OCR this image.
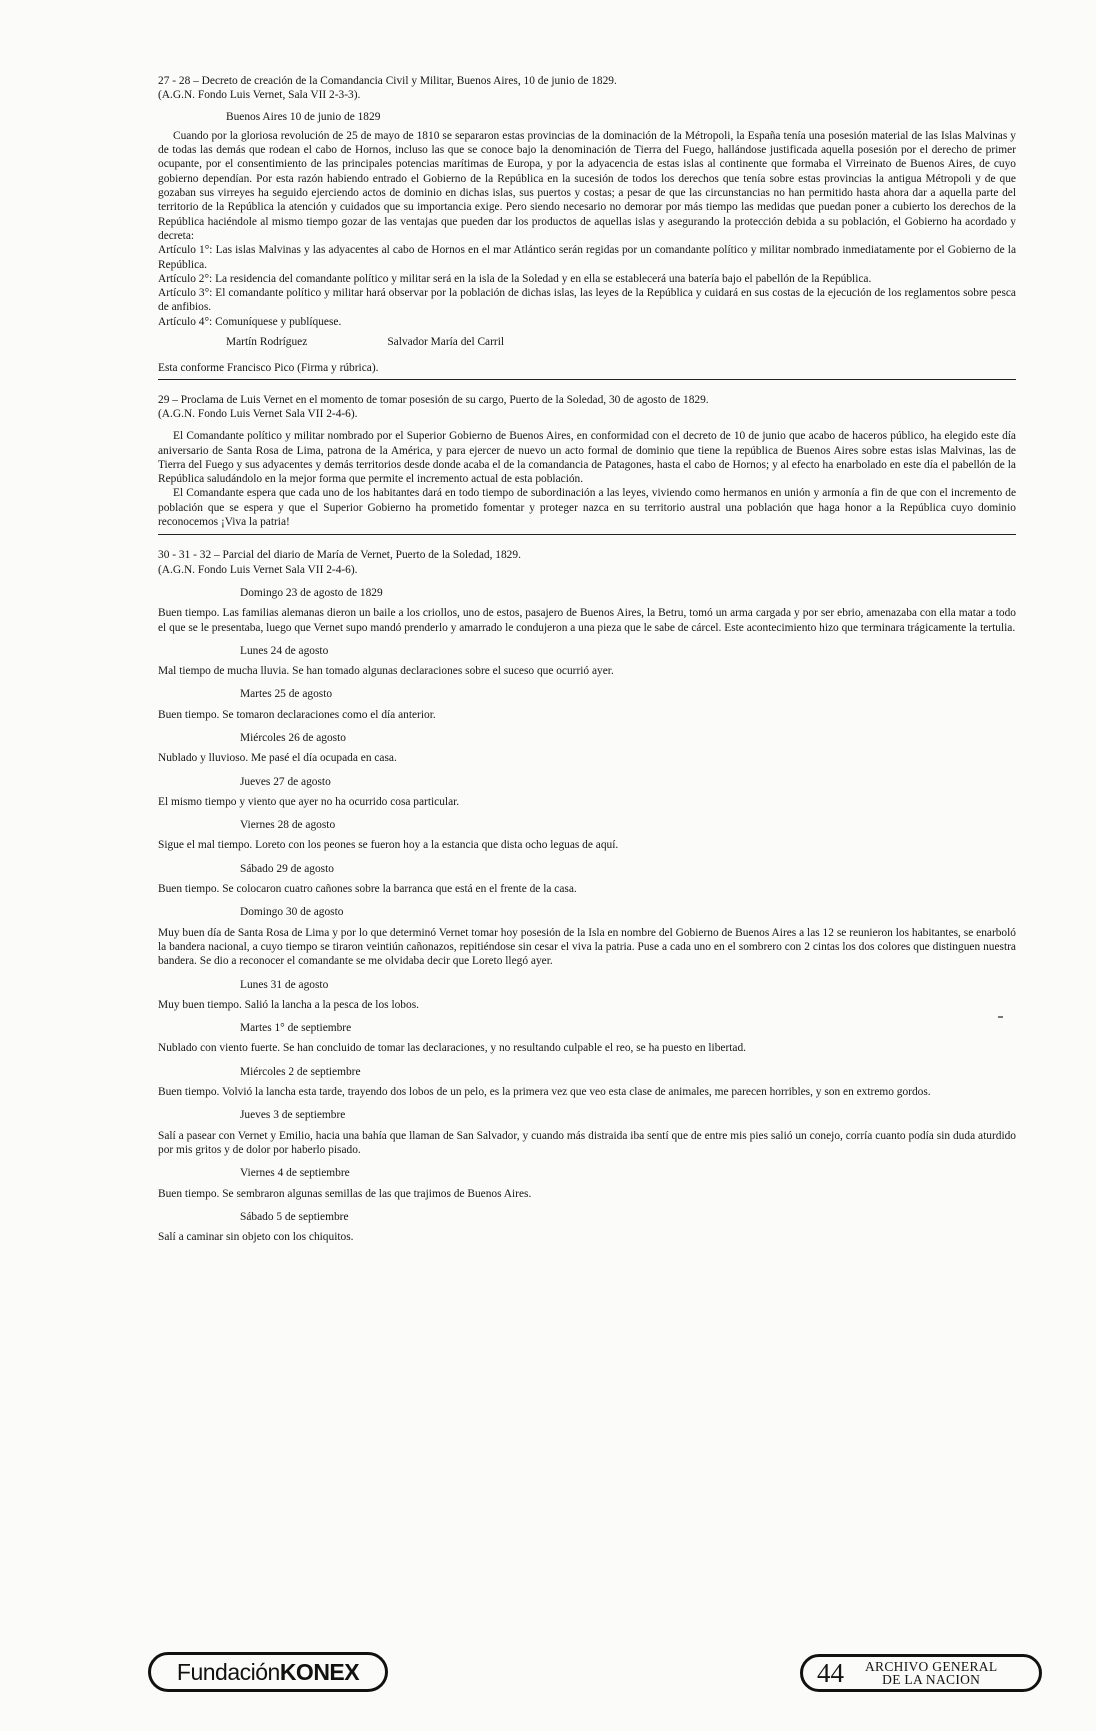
27 - 28 – Decreto de creación de la Comandancia Civil y Militar, Buenos Aires, 10 de junio de 1829.

(A.G.N. Fondo Luis Vernet, Sala VII 2-3-3).

Buenos Aires 10 de junio de 1829

Cuando por la gloriosa revolución de 25 de mayo de 1810 se separaron estas provincias de la dominación de la Métropoli, la España tenía una posesión material de las Islas Malvinas y de todas las demás que rodean el cabo de Hornos, incluso las que se conoce bajo la denominación de Tierra del Fuego, hallándose justificada aquella posesión por el derecho de primer ocupante, por el consentimiento de las principales potencias marítimas de Europa, y por la adyacencia de estas islas al continente que formaba el Virreinato de Buenos Aires, de cuyo gobierno dependían. Por esta razón habiendo entrado el Gobierno de la República en la sucesión de todos los derechos que tenía sobre estas provincias la antigua Métropoli y de que gozaban sus virreyes ha seguido ejerciendo actos de dominio en dichas islas, sus puertos y costas; a pesar de que las circunstancias no han permitido hasta ahora dar a aquella parte del territorio de la República la atención y cuidados que su importancia exige. Pero siendo necesario no demorar por más tiempo las medidas que puedan poner a cubierto los derechos de la República haciéndole al mismo tiempo gozar de las ventajas que pueden dar los productos de aquellas islas y asegurando la protección debida a su población, el Gobierno ha acordado y decreta:

Artículo 1°: Las islas Malvinas y las adyacentes al cabo de Hornos en el mar Atlántico serán regidas por un comandante político y militar nombrado inmediatamente por el Gobierno de la República.

Artículo 2°: La residencia del comandante político y militar será en la isla de la Soledad y en ella se establecerá una batería bajo el pabellón de la República.

Artículo 3°: El comandante político y militar hará observar por la población de dichas islas, las leyes de la República y cuidará en sus costas de la ejecución de los reglamentos sobre pesca de anfibios.

Artículo 4°: Comuníquese y publíquese.

Martín Rodríguez	Salvador María del Carril

Esta conforme Francisco Pico (Firma y rúbrica).

29 – Proclama de Luis Vernet en el momento de tomar posesión de su cargo, Puerto de la Soledad, 30 de agosto de 1829.

(A.G.N. Fondo Luis Vernet Sala VII 2-4-6).

El Comandante político y militar nombrado por el Superior Gobierno de Buenos Aires, en conformidad con el decreto de 10 de junio que acabo de haceros público, ha elegido este día aniversario de Santa Rosa de Lima, patrona de la América, y para ejercer de nuevo un acto formal de dominio que tiene la república de Buenos Aires sobre estas islas Malvinas, las de Tierra del Fuego y sus adyacentes y demás territorios desde donde acaba el de la comandancia de Patagones, hasta el cabo de Hornos; y al efecto ha enarbolado en este día el pabellón de la República saludándolo en la mejor forma que permite el incremento actual de esta población.

El Comandante espera que cada uno de los habitantes dará en todo tiempo de subordinación a las leyes, viviendo como hermanos en unión y armonía a fin de que con el incremento de población que se espera y que el Superior Gobierno ha prometido fomentar y proteger nazca en su territorio austral una población que haga honor a la República cuyo dominio reconocemos ¡Viva la patria!

30 - 31 - 32 – Parcial del diario de María de Vernet, Puerto de la Soledad, 1829.

(A.G.N. Fondo Luis Vernet Sala VII 2-4-6).

Domingo 23 de agosto de 1829

Buen tiempo. Las familias alemanas dieron un baile a los criollos, uno de estos, pasajero de Buenos Aires, la Betru, tomó un arma cargada y por ser ebrio, amenazaba con ella matar a todo el que se le presentaba, luego que Vernet supo mandó prenderlo y amarrado le condujeron a una pieza que le sabe de cárcel. Este acontecimiento hizo que terminara trágicamente la tertulia.

Lunes 24 de agosto

Mal tiempo de mucha lluvia. Se han tomado algunas declaraciones sobre el suceso que ocurrió ayer.

Martes 25 de agosto

Buen tiempo. Se tomaron declaraciones como el día anterior.

Miércoles 26 de agosto

Nublado y lluvioso. Me pasé el día ocupada en casa.

Jueves 27 de agosto

El mismo tiempo y viento que ayer no ha ocurrido cosa particular.

Viernes 28 de agosto

Sigue el mal tiempo. Loreto con los peones se fueron hoy a la estancia que dista ocho leguas de aquí.

Sábado 29 de agosto

Buen tiempo. Se colocaron cuatro cañones sobre la barranca que está en el frente de la casa.

Domingo 30 de agosto

Muy buen día de Santa Rosa de Lima y por lo que determinó Vernet tomar hoy posesión de la Isla en nombre del Gobierno de Buenos Aires a las 12 se reunieron los habitantes, se enarboló la bandera nacional, a cuyo tiempo se tiraron veintiún cañonazos, repitiéndose sin cesar el viva la patria. Puse a cada uno en el sombrero con 2 cintas los dos colores que distinguen nuestra bandera. Se dio a reconocer el comandante se me olvidaba decir que Loreto llegó ayer.

Lunes 31 de agosto

Muy buen tiempo. Salió la lancha a la pesca de los lobos.

Martes 1° de septiembre

Nublado con viento fuerte. Se han concluido de tomar las declaraciones, y no resultando culpable el reo, se ha puesto en libertad.

Miércoles 2 de septiembre

Buen tiempo. Volvió la lancha esta tarde, trayendo dos lobos de un pelo, es la primera vez que veo esta clase de animales, me parecen horribles, y son en extremo gordos.

Jueves 3 de septiembre

Salí a pasear con Vernet y Emilio, hacia una bahía que llaman de San Salvador, y cuando más distraida iba sentí que de entre mis pies salió un conejo, corría cuanto podía sin duda aturdido por mis gritos y de dolor por haberlo pisado.

Viernes 4 de septiembre

Buen tiempo. Se sembraron algunas semillas de las que trajimos de Buenos Aires.

Sábado 5 de septiembre

Salí a caminar sin objeto con los chiquitos.

FundaciónKONEX	44	ARCHIVO GENERAL
DE LA NACION
